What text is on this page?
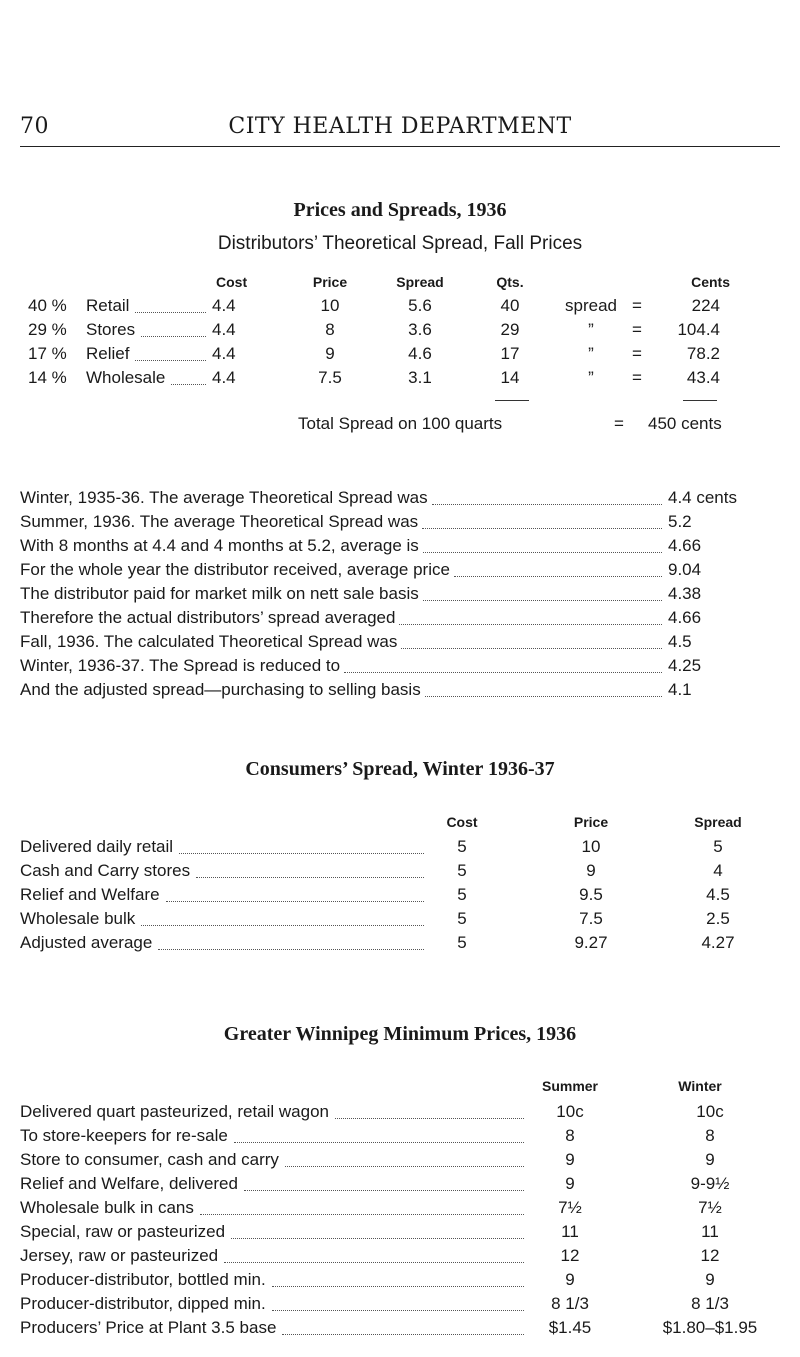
70	CITY HEALTH DEPARTMENT
Prices and Spreads, 1936
Distributors’ Theoretical Spread, Fall Prices
Cost	Price	Spread	Qts.	Cents
40 % Retail	4.4	10	5.6	40	spread =	224
29 % Stores	4.4	8	3.6	29	”	=	104.4
17 % Relief	4.4	9	4.6	17	”	=	78.2
14 % Wholesale	4.4	7.5	3.1	14	”	=	43.4
Total Spread on 100 quarts	= 450 cents
Winter, 1935-36. The average Theoretical Spread was	4.4 cents
Summer, 1936. The average Theoretical Spread was	5.2
With 8 months at 4.4 and 4 months at 5.2, average is	4.66
For the whole year the distributor received, average price	9.04
The distributor paid for market milk on nett sale basis	4.38
Therefore the actual distributors’ spread averaged	4.66
Fall, 1936. The calculated Theoretical Spread was	4.5
Winter, 1936-37. The Spread is reduced to	4.25
And the adjusted spread—purchasing to selling basis	4.1
Consumers’ Spread, Winter 1936-37
Cost	Price	Spread
Delivered daily retail	5	10	5
Cash and Carry stores	5	9	4
Relief and Welfare	5	9.5	4.5
Wholesale bulk	5	7.5	2.5
Adjusted average	5	9.27	4.27
Greater Winnipeg Minimum Prices, 1936
Summer	Winter
Delivered quart pasteurized, retail wagon	10c	10c
To store-keepers for re-sale	8	8
Store to consumer, cash and carry	9	9
Relief and Welfare, delivered	9	9-9½
Wholesale bulk in cans	7½	7½
Special, raw or pasteurized	11	11
Jersey, raw or pasteurized	12	12
Producer-distributor, bottled min.	9	9
Producer-distributor, dipped min.	8 1/3	8 1/3
Producers’ Price at Plant 3.5 base	$1.45	$1.80–$1.95
